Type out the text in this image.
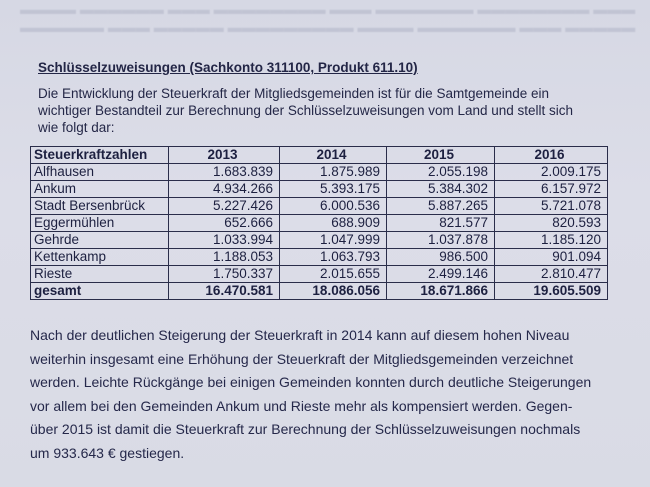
▬▬▬▬ ▬▬▬▬▬▬ ▬▬▬ ▬▬▬▬▬▬▬▬ ▬▬▬ ▬▬▬▬▬▬▬ ▬▬▬▬▬▬▬▬ ▬▬▬
▬▬▬▬▬▬ ▬▬▬ ▬▬▬▬▬ ▬▬▬▬▬▬▬▬▬ ▬▬▬▬ ▬▬▬▬▬▬▬ ▬▬▬ ▬▬▬▬▬
Schlüsselzuweisungen (Sachkonto 311100, Produkt 611.10)
Die Entwicklung der Steuerkraft der Mitgliedsgemeinden ist für die Samtgemeinde ein
wichtiger Bestandteil zur Berechnung der Schlüsselzuweisungen vom Land und stellt sich
wie folgt dar:
Steuerkraftzahlen	2013	2014	2015	2016
Alfhausen	1.683.839	1.875.989	2.055.198	2.009.175
Ankum	4.934.266	5.393.175	5.384.302	6.157.972
Stadt Bersenbrück	5.227.426	6.000.536	5.887.265	5.721.078
Eggermühlen	652.666	688.909	821.577	820.593
Gehrde	1.033.994	1.047.999	1.037.878	1.185.120
Kettenkamp	1.188.053	1.063.793	986.500	901.094
Rieste	1.750.337	2.015.655	2.499.146	2.810.477
gesamt	16.470.581	18.086.056	18.671.866	19.605.509
Nach der deutlichen Steigerung der Steuerkraft in 2014 kann auf diesem hohen Niveau
weiterhin insgesamt eine Erhöhung der Steuerkraft der Mitgliedsgemeinden verzeichnet
werden. Leichte Rückgänge bei einigen Gemeinden konnten durch deutliche Steigerungen
vor allem bei den Gemeinden Ankum und Rieste mehr als kompensiert werden. Gegen-
über 2015 ist damit die Steuerkraft zur Berechnung der Schlüsselzuweisungen nochmals
um 933.643 € gestiegen.
